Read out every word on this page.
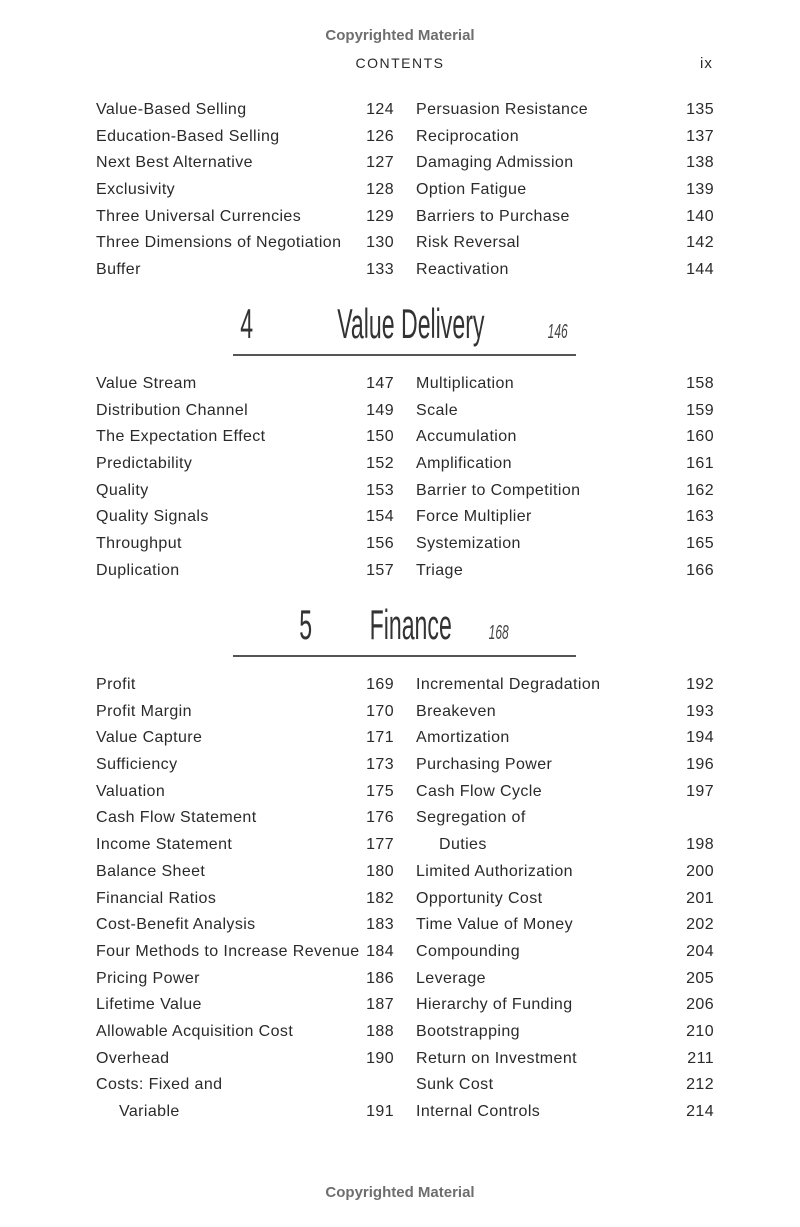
Copyrighted Material
CONTENTS	ix
Value-Based Selling	124
Education-Based Selling	126
Next Best Alternative	127
Exclusivity	128
Three Universal Currencies	129
Three Dimensions of Negotiation	130
Buffer	133
Persuasion Resistance	135
Reciprocation	137
Damaging Admission	138
Option Fatigue	139
Barriers to Purchase	140
Risk Reversal	142
Reactivation	144
4 Value Delivery	146
Value Stream	147
Distribution Channel	149
The Expectation Effect	150
Predictability	152
Quality	153
Quality Signals	154
Throughput	156
Duplication	157
Multiplication	158
Scale	159
Accumulation	160
Amplification	161
Barrier to Competition	162
Force Multiplier	163
Systemization	165
Triage	166
5 Finance 168
Profit	169
Profit Margin	170
Value Capture	171
Sufficiency	173
Valuation	175
Cash Flow Statement	176
Income Statement	177
Balance Sheet	180
Financial Ratios	182
Cost-Benefit Analysis	183
Four Methods to Increase Revenue 184
Pricing Power	186
Lifetime Value	187
Allowable Acquisition Cost	188
Overhead	190
Costs: Fixed and
Variable	191
Incremental Degradation	192
Breakeven	193
Amortization	194
Purchasing Power	196
Cash Flow Cycle	197
Segregation of
Duties	198
Limited Authorization	200
Opportunity Cost	201
Time Value of Money	202
Compounding	204
Leverage	205
Hierarchy of Funding	206
Bootstrapping	210
Return on Investment	211
Sunk Cost	212
Internal Controls	214
Copyrighted Material
